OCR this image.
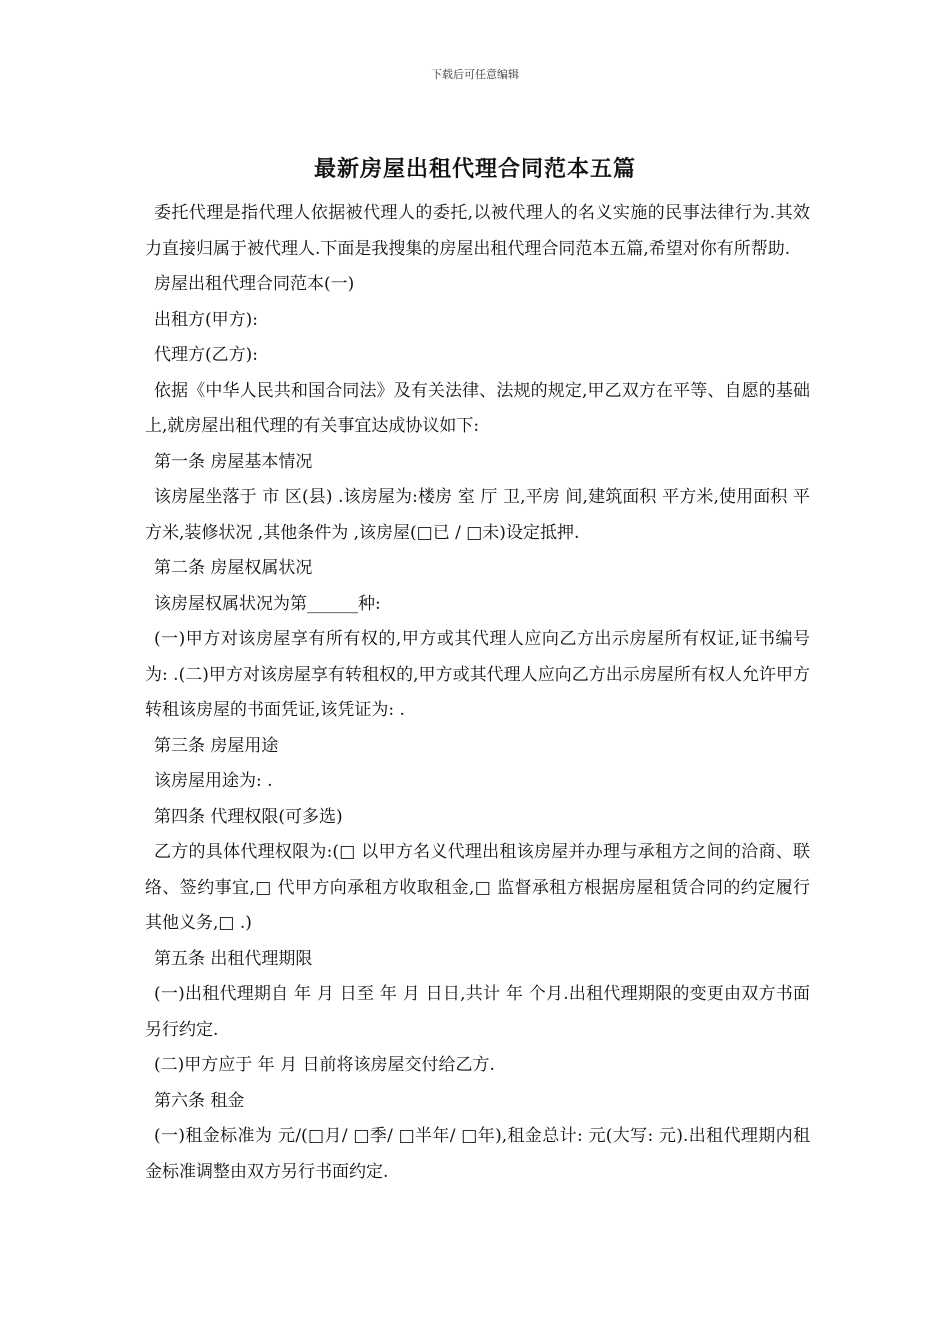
下载后可任意编辑
最新房屋出租代理合同范本五篇

委托代理是指代理人依据被代理人的委托,以被代理人的名义实施的民事法律行为.其效力直接归属于被代理人.下面是我搜集的房屋出租代理合同范本五篇,希望对你有所帮助.

房屋出租代理合同范本(一)

出租方(甲方):

代理方(乙方):

依据《中华人民共和国合同法》及有关法律、法规的规定,甲乙双方在平等、自愿的基础上,就房屋出租代理的有关事宜达成协议如下:

第一条 房屋基本情况

该房屋坐落于 市 区(县) .该房屋为:楼房 室 厅 卫,平房 间,建筑面积 平方米,使用面积 平方米,装修状况 ,其他条件为 ,该房屋(□已 / □未)设定抵押.

第二条 房屋权属状况

该房屋权属状况为第______种:

(一)甲方对该房屋享有所有权的,甲方或其代理人应向乙方出示房屋所有权证,证书编号为: .(二)甲方对该房屋享有转租权的,甲方或其代理人应向乙方出示房屋所有权人允许甲方转租该房屋的书面凭证,该凭证为: .

第三条 房屋用途

该房屋用途为: .

第四条 代理权限(可多选)

乙方的具体代理权限为:(□ 以甲方名义代理出租该房屋并办理与承租方之间的洽商、联络、签约事宜,□ 代甲方向承租方收取租金,□ 监督承租方根据房屋租赁合同的约定履行其他义务,□ .)

第五条 出租代理期限

(一)出租代理期自 年 月 日至 年 月 日日,共计 年 个月.出租代理期限的变更由双方书面另行约定.

(二)甲方应于 年 月 日前将该房屋交付给乙方.

第六条 租金

(一)租金标准为 元/(□月/ □季/ □半年/ □年),租金总计: 元(大写: 元).出租代理期内租金标准调整由双方另行书面约定.
